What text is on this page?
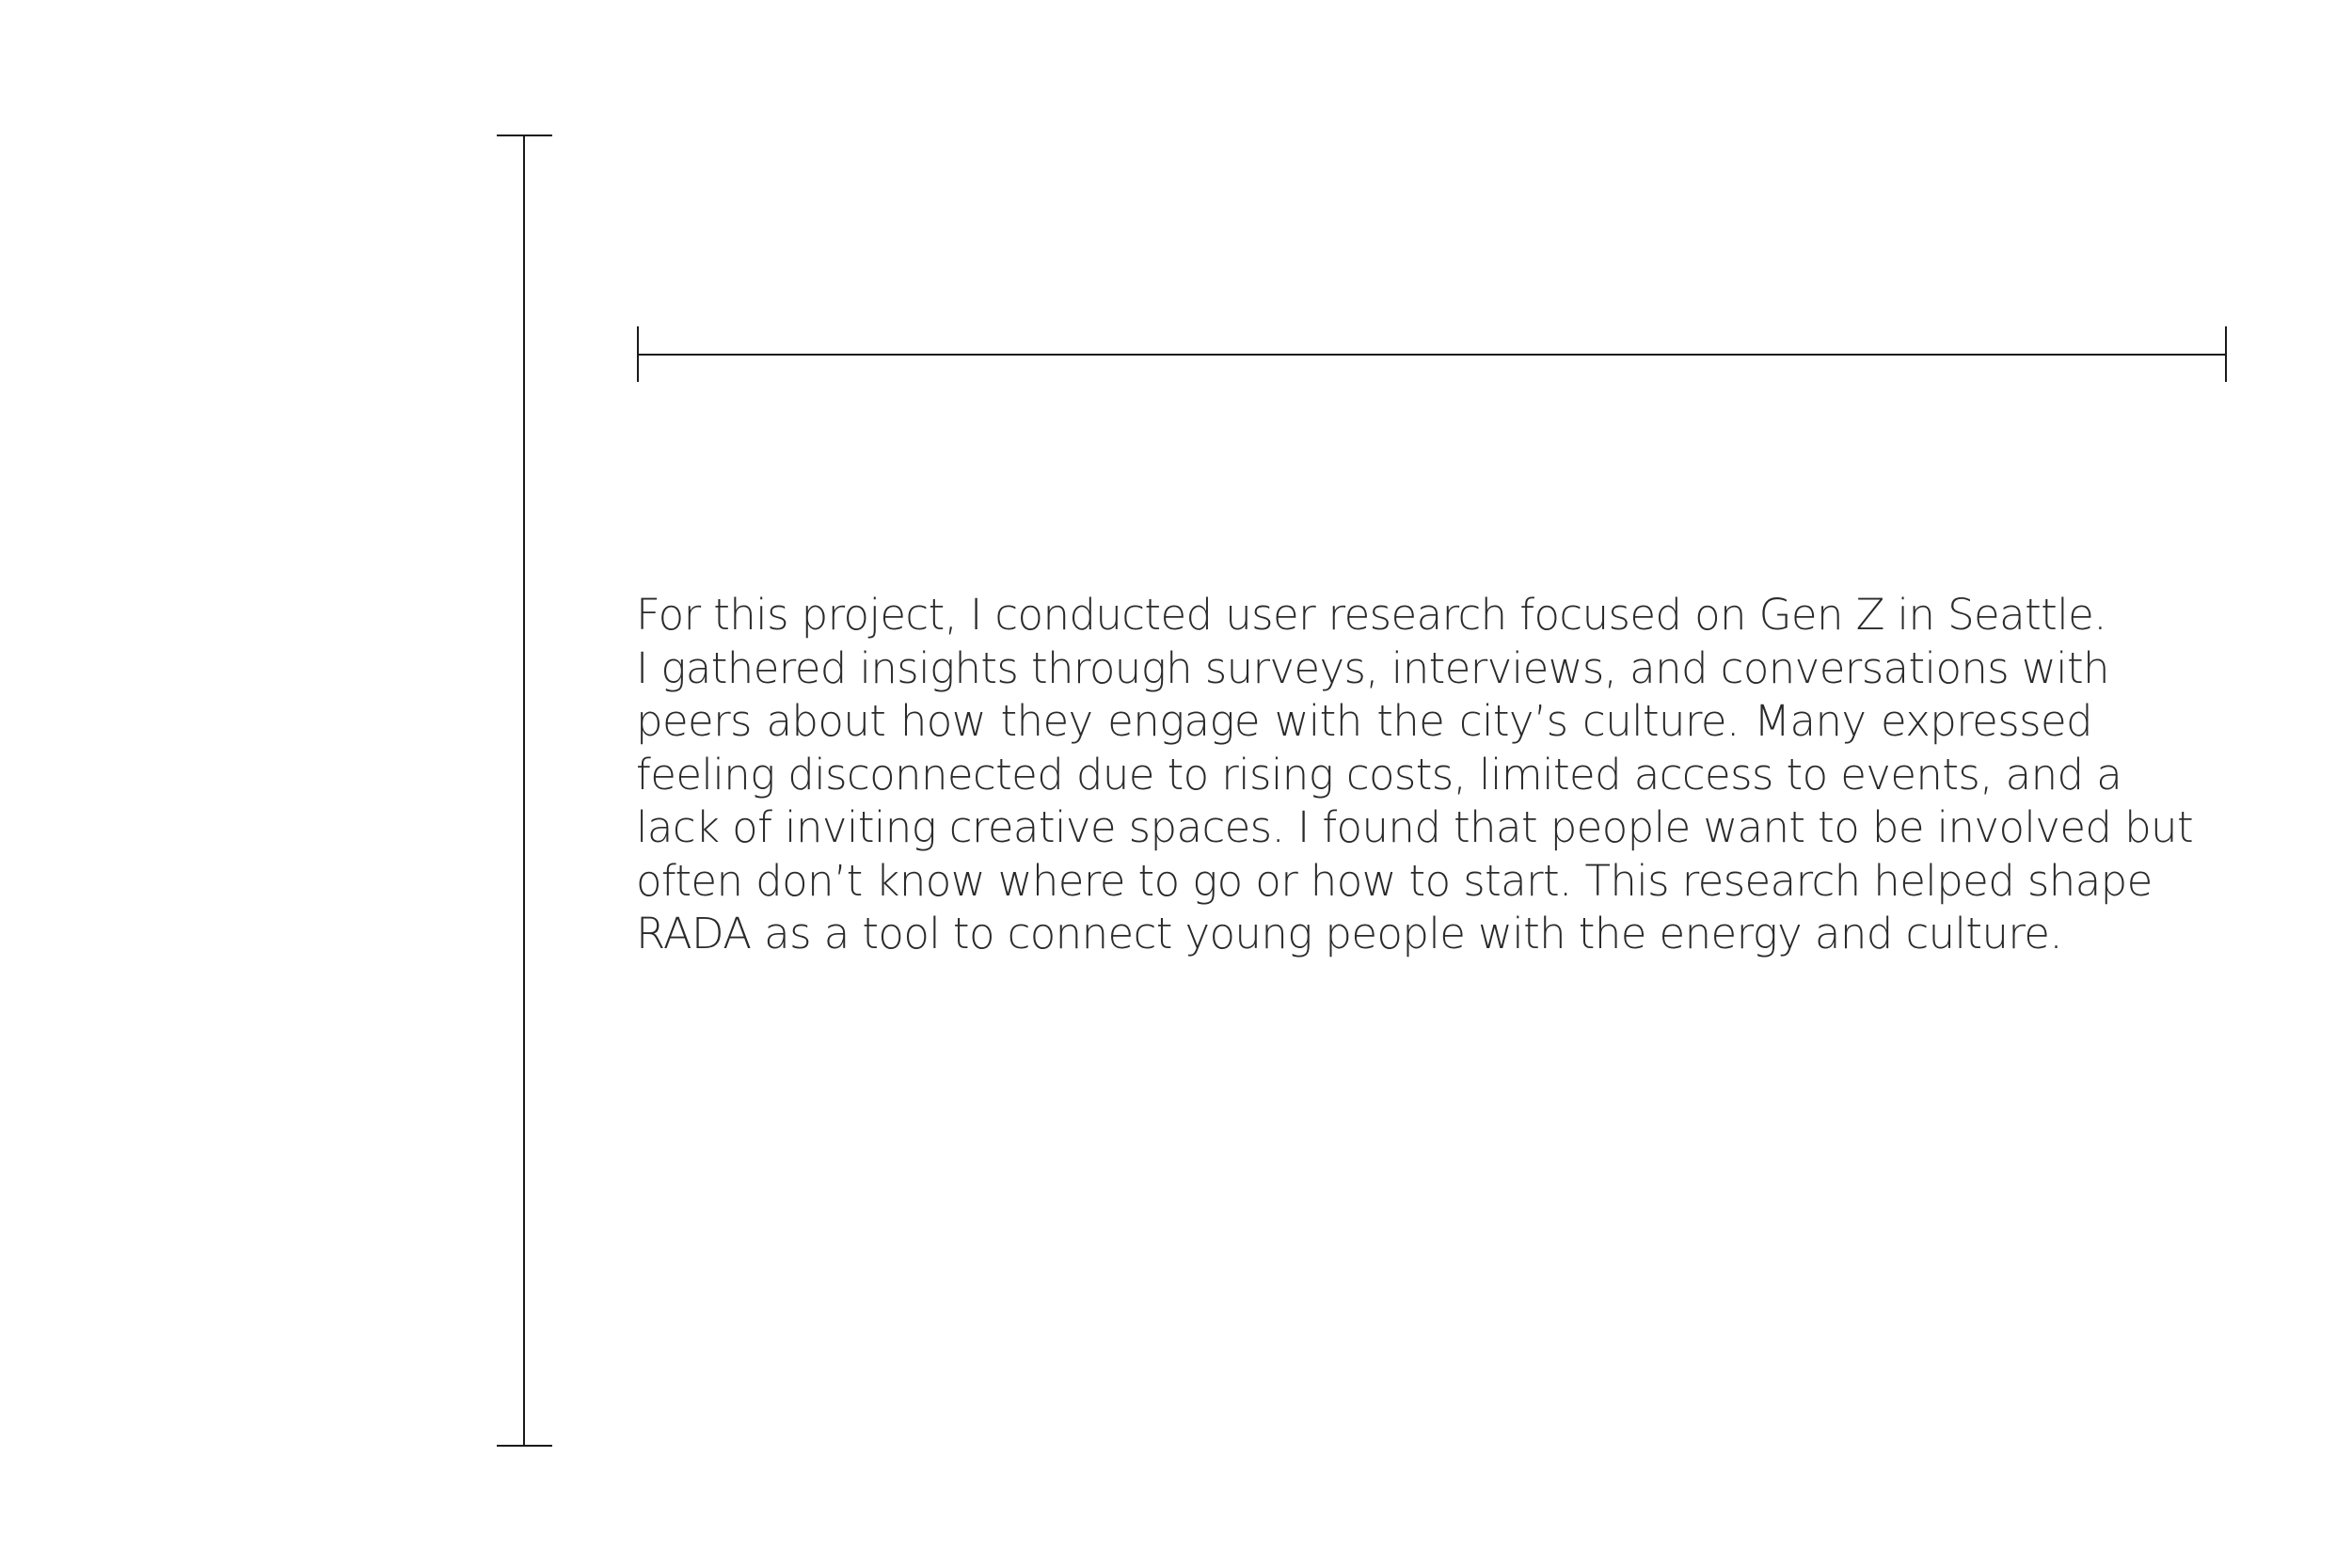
For this project, I conducted user research focused on Gen Z in Seattle.
I gathered insights through surveys, interviews, and conversations with
peers about how they engage with the city’s culture. Many expressed
feeling disconnected due to rising costs, limited access to events, and a
lack of inviting creative spaces. I found that people want to be involved but
often don’t know where to go or how to start. This research helped shape
RADA as a tool to connect young people with the energy and culture.
